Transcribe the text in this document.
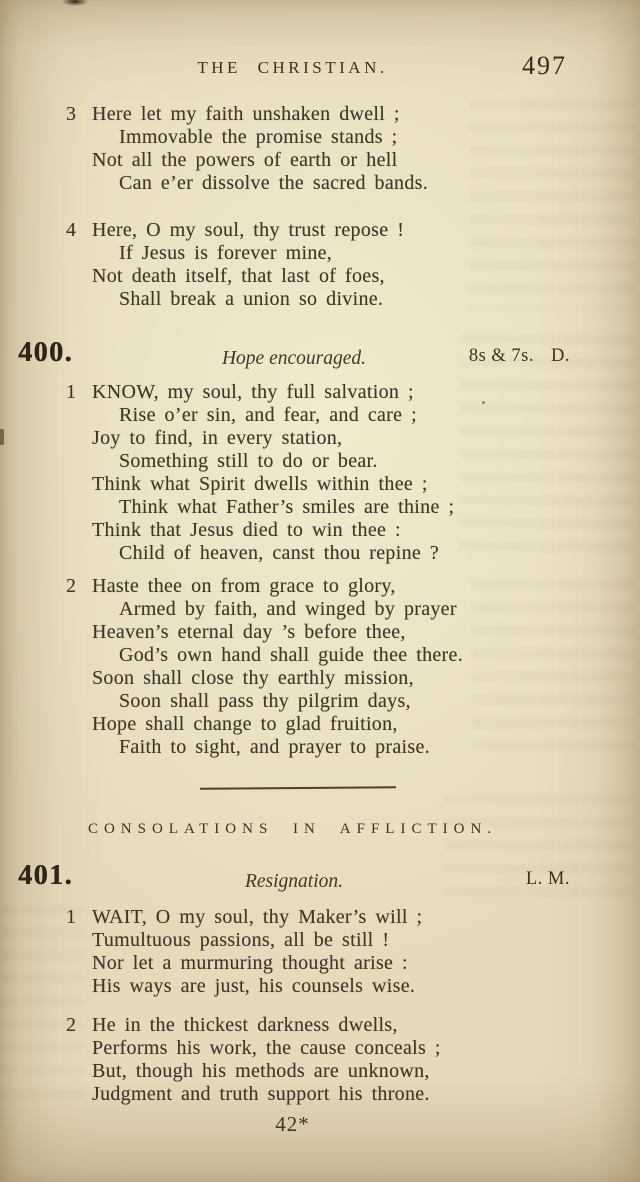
THE CHRISTIAN.	497
3 Here let my faith unshaken dwell ;
Immovable the promise stands ;
Not all the powers of earth or hell
Can e’er dissolve the sacred bands.
4 Here, O my soul, thy trust repose !
If Jesus is forever mine,
Not death itself, that last of foes,
Shall break a union so divine.
400.	Hope encouraged.	8s & 7s. D.
1 KNOW, my soul, thy full salvation ;
Rise o’er sin, and fear, and care ;
Joy to find, in every station,
Something still to do or bear.
Think what Spirit dwells within thee ;
Think what Father’s smiles are thine ;
Think that Jesus died to win thee :
Child of heaven, canst thou repine ?
2 Haste thee on from grace to glory,
Armed by faith, and winged by prayer
Heaven’s eternal day ’s before thee,
God’s own hand shall guide thee there.
Soon shall close thy earthly mission,
Soon shall pass thy pilgrim days,
Hope shall change to glad fruition,
Faith to sight, and prayer to praise.
CONSOLATIONS IN AFFLICTION.
401.	Resignation.	L. M.
1 WAIT, O my soul, thy Maker’s will ;
Tumultuous passions, all be still !
Nor let a murmuring thought arise :
His ways are just, his counsels wise.
2 He in the thickest darkness dwells,
Performs his work, the cause conceals ;
But, though his methods are unknown,
Judgment and truth support his throne.
42*
